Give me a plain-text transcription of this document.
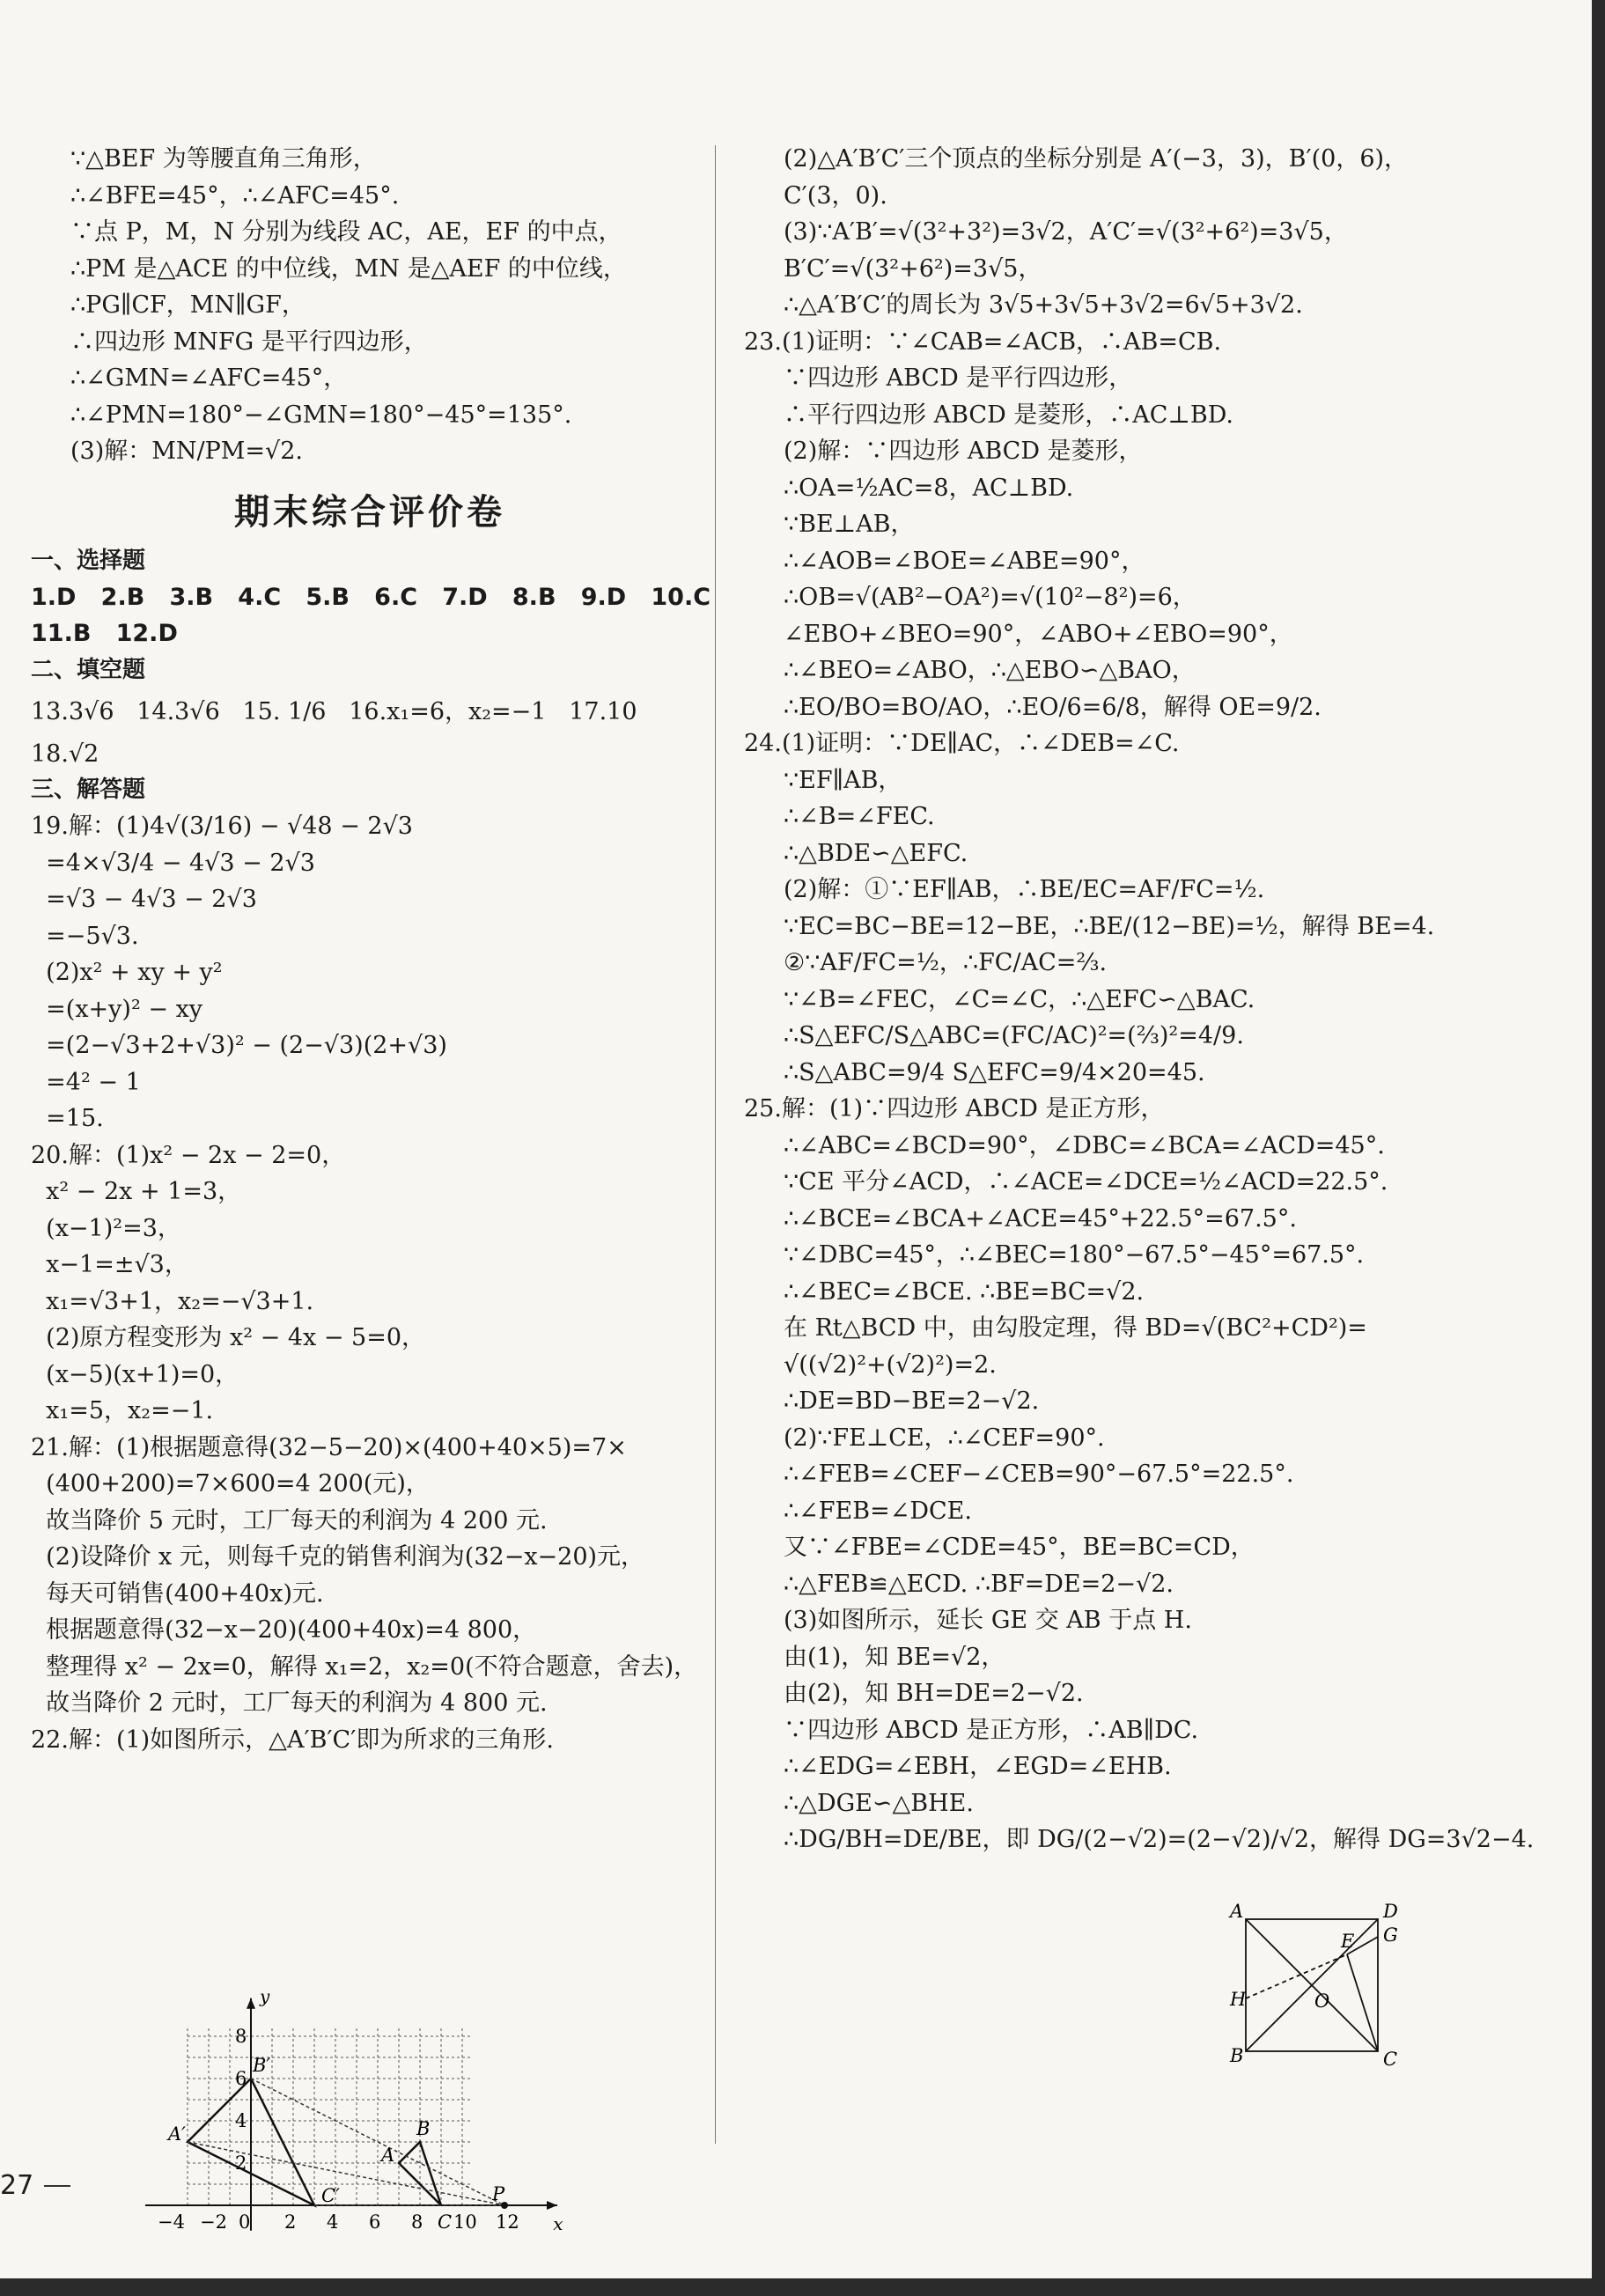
∵△BEF 为等腰直角三角形，
∴∠BFE=45°，∴∠AFC=45°.
∵点 P，M，N 分别为线段 AC，AE，EF 的中点，
∴PM 是△ACE 的中位线，MN 是△AEF 的中位线，
∴PG∥CF，MN∥GF，
∴四边形 MNFG 是平行四边形，
∴∠GMN=∠AFC=45°，
∴∠PMN=180°−∠GMN=180°−45°=135°.
(3)解：MN/PM=√2.
期末综合评价卷
一、选择题
1.D   2.B   3.B   4.C   5.B   6.C   7.D   8.B   9.D   10.C
11.B   12.D
二、填空题
13.3√6   14.3√6   15. 1/6   16.x₁=6，x₂=−1   17.10
18.√2
三、解答题
19.解：(1)4√(3/16) − √48 − 2√3
=4×√3/4 − 4√3 − 2√3
=√3 − 4√3 − 2√3
=−5√3.
(2)x² + xy + y²
=(x+y)² − xy
=(2−√3+2+√3)² − (2−√3)(2+√3)
=4² − 1
=15.
20.解：(1)x² − 2x − 2=0，
x² − 2x + 1=3，
(x−1)²=3，
x−1=±√3，
x₁=√3+1，x₂=−√3+1.
(2)原方程变形为 x² − 4x − 5=0，
(x−5)(x+1)=0，
x₁=5，x₂=−1.
21.解：(1)根据题意得(32−5−20)×(400+40×5)=7×
(400+200)=7×600=4 200(元)，
故当降价 5 元时，工厂每天的利润为 4 200 元.
(2)设降价 x 元，则每千克的销售利润为(32−x−20)元，
每天可销售(400+40x)元.
根据题意得(32−x−20)(400+40x)=4 800，
整理得 x² − 2x=0，解得 x₁=2，x₂=0(不符合题意，舍去)，
故当降价 2 元时，工厂每天的利润为 4 800 元.
22.解：(1)如图所示，△A′B′C′即为所求的三角形.
x
y
−4 −2 0 2 4 6 8 10 12
2
4
6
8
A′
B′
C′
A
B
C
P
(2)△A′B′C′三个顶点的坐标分别是 A′(−3，3)，B′(0，6)，
C′(3，0).
(3)∵A′B′=√(3²+3²)=3√2，A′C′=√(3²+6²)=3√5，
B′C′=√(3²+6²)=3√5，
∴△A′B′C′的周长为 3√5+3√5+3√2=6√5+3√2.
23.(1)证明：∵∠CAB=∠ACB，∴AB=CB.
∵四边形 ABCD 是平行四边形，
∴平行四边形 ABCD 是菱形，∴AC⊥BD.
(2)解：∵四边形 ABCD 是菱形，
∴OA=½AC=8，AC⊥BD.
∵BE⊥AB，
∴∠AOB=∠BOE=∠ABE=90°，
∴OB=√(AB²−OA²)=√(10²−8²)=6，
∠EBO+∠BEO=90°，∠ABO+∠EBO=90°，
∴∠BEO=∠ABO，∴△EBO∽△BAO，
∴EO/BO=BO/AO，∴EO/6=6/8，解得 OE=9/2.
24.(1)证明：∵DE∥AC，∴∠DEB=∠C.
∵EF∥AB，
∴∠B=∠FEC.
∴△BDE∽△EFC.
(2)解：①∵EF∥AB，∴BE/EC=AF/FC=½.
∵EC=BC−BE=12−BE，∴BE/(12−BE)=½，解得 BE=4.
②∵AF/FC=½，∴FC/AC=⅔.
∵∠B=∠FEC，∠C=∠C，∴△EFC∽△BAC.
∴S△EFC/S△ABC=(FC/AC)²=(⅔)²=4/9.
∴S△ABC=9/4 S△EFC=9/4×20=45.
25.解：(1)∵四边形 ABCD 是正方形，
∴∠ABC=∠BCD=90°，∠DBC=∠BCA=∠ACD=45°.
∵CE 平分∠ACD，∴∠ACE=∠DCE=½∠ACD=22.5°.
∴∠BCE=∠BCA+∠ACE=45°+22.5°=67.5°.
∵∠DBC=45°，∴∠BEC=180°−67.5°−45°=67.5°.
∴∠BEC=∠BCE. ∴BE=BC=√2.
在 Rt△BCD 中，由勾股定理，得 BD=√(BC²+CD²)=
√((√2)²+(√2)²)=2.
∴DE=BD−BE=2−√2.
(2)∵FE⊥CE，∴∠CEF=90°.
∴∠FEB=∠CEF−∠CEB=90°−67.5°=22.5°.
∴∠FEB=∠DCE.
又∵∠FBE=∠CDE=45°，BE=BC=CD，
∴△FEB≌△ECD. ∴BF=DE=2−√2.
(3)如图所示，延长 GE 交 AB 于点 H.
由(1)，知 BE=√2，
由(2)，知 BH=DE=2−√2.
∵四边形 ABCD 是正方形，∴AB∥DC.
∴∠EDG=∠EBH，∠EGD=∠EHB.
∴△DGE∽△BHE.
∴DG/BH=DE/BE，即 DG/(2−√2)=(2−√2)/√2，解得 DG=3√2−4.
A	D
G
E
H	O
B	C
27
